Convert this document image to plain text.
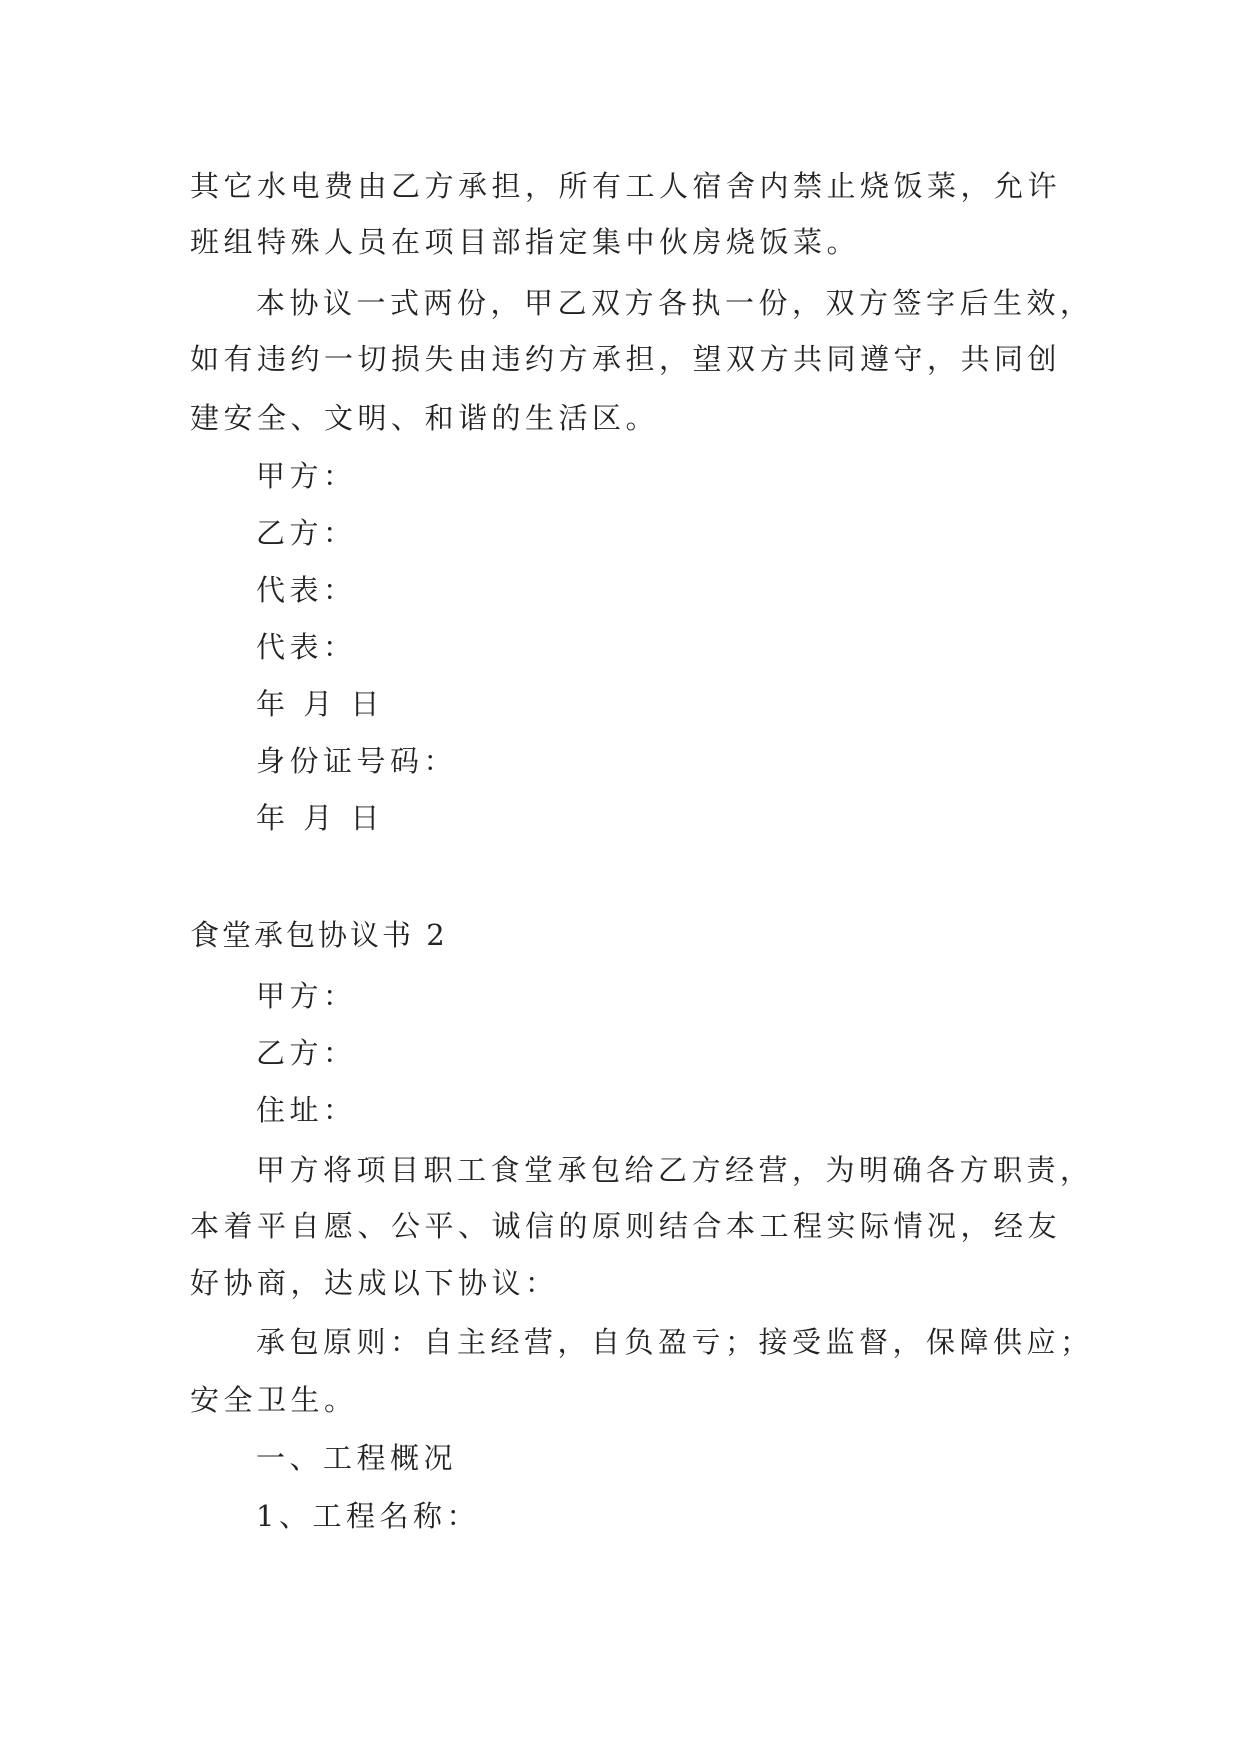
其它水电费由乙方承担，所有工人宿舍内禁止烧饭菜，允许

班组特殊人员在项目部指定集中伙房烧饭菜。

本协议一式两份，甲乙双方各执一份，双方签字后生效，

如有违约一切损失由违约方承担，望双方共同遵守，共同创

建安全、文明、和谐的生活区。

甲方：

乙方：

代表：

代表：

年 月 日

身份证号码：

年 月 日

食堂承包协议书 2

甲方：

乙方：

住址：

甲方将项目职工食堂承包给乙方经营，为明确各方职责，

本着平自愿、公平、诚信的原则结合本工程实际情况，经友

好协商，达成以下协议：

承包原则：自主经营，自负盈亏；接受监督，保障供应；

安全卫生。

一、工程概况

1、工程名称：
